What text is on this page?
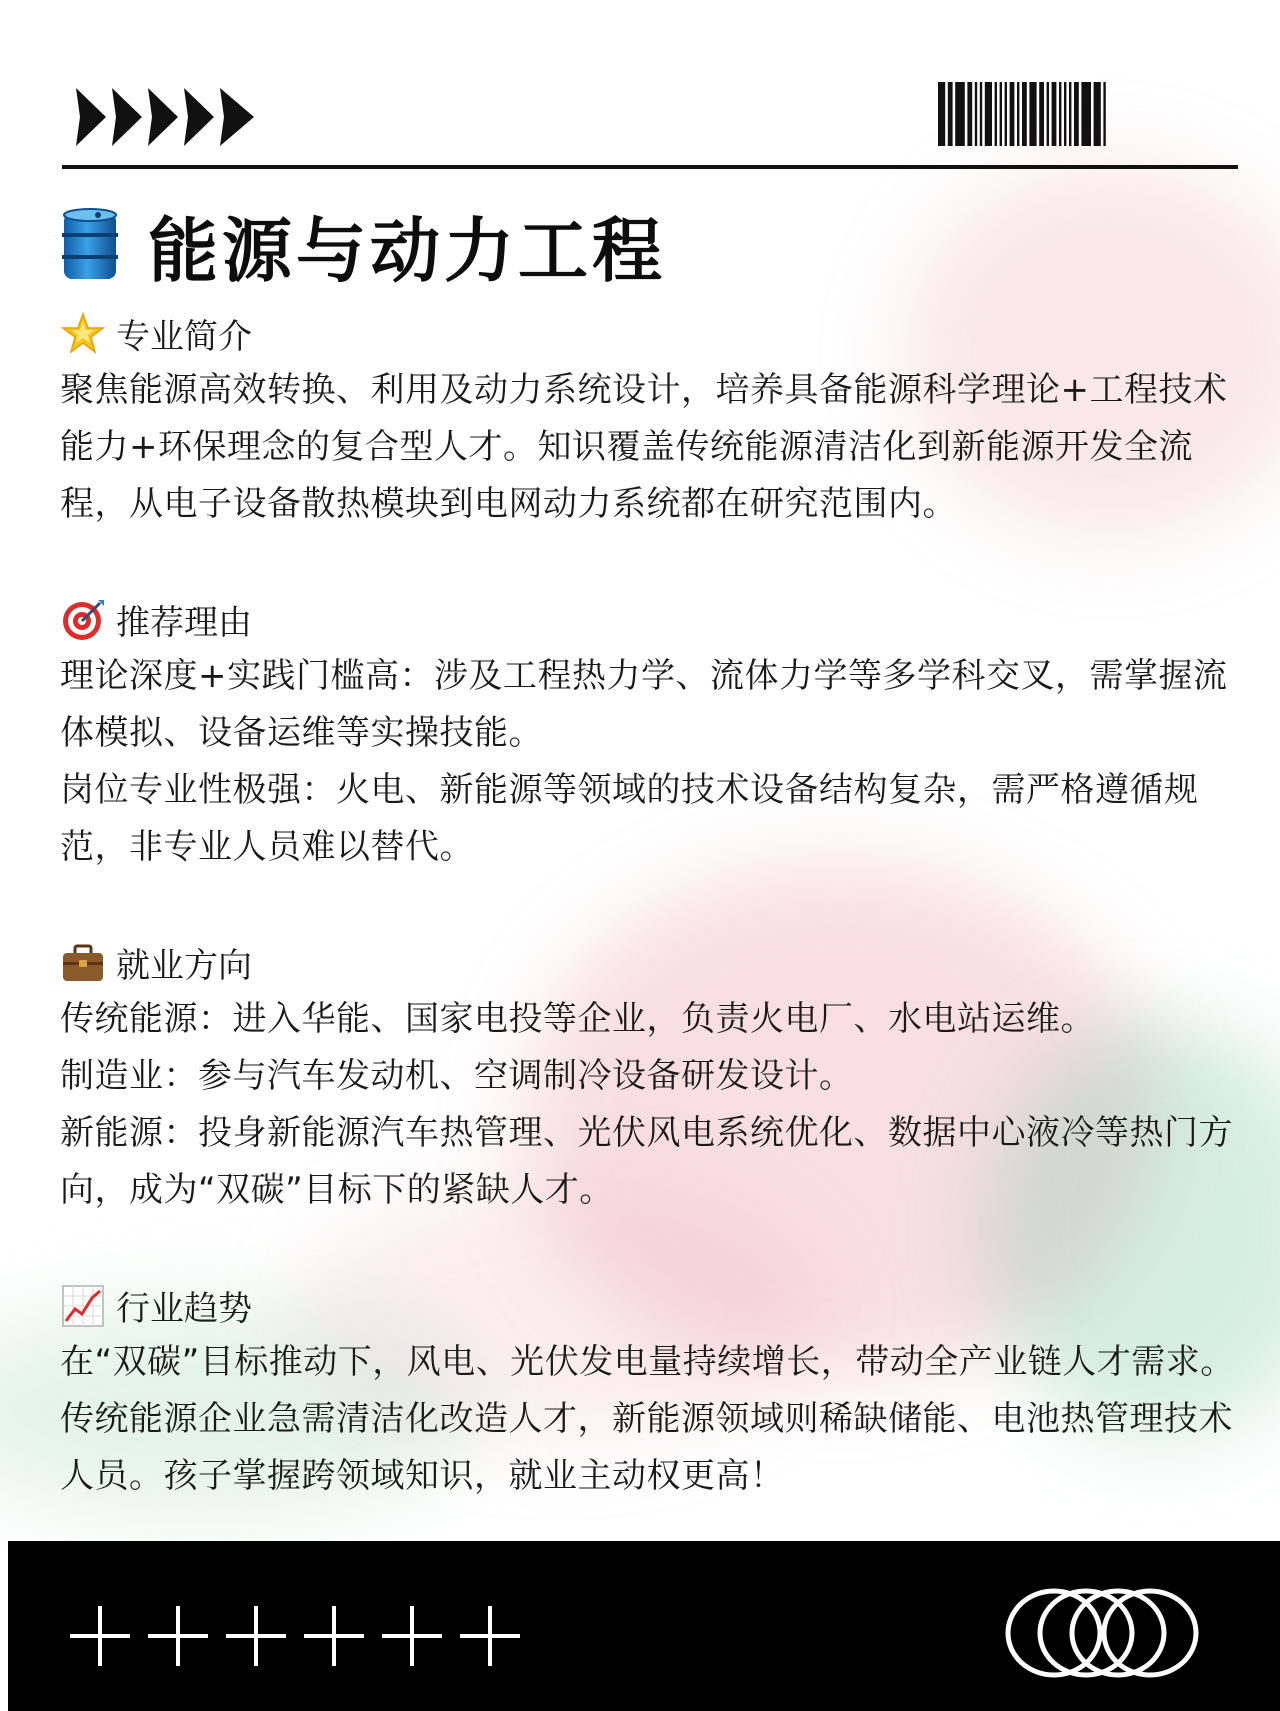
能源与动力工程
专业简介

聚焦能源高效转换、利用及动力系统设计，培养具备能源科学理论+工程技术能力+环保理念的复合型人才。知识覆盖传统能源清洁化到新能源开发全流程，从电子设备散热模块到电网动力系统都在研究范围内。

推荐理由

理论深度+实践门槛高：涉及工程热力学、流体力学等多学科交叉，需掌握流体模拟、设备运维等实操技能。

岗位专业性极强：火电、新能源等领域的技术设备结构复杂，需严格遵循规范，非专业人员难以替代。

就业方向

传统能源：进入华能、国家电投等企业，负责火电厂、水电站运维。

制造业：参与汽车发动机、空调制冷设备研发设计。

新能源：投身新能源汽车热管理、光伏风电系统优化、数据中心液冷等热门方向，成为“双碳”目标下的紧缺人才。

行业趋势

在“双碳”目标推动下，风电、光伏发电量持续增长，带动全产业链人才需求。传统能源企业急需清洁化改造人才，新能源领域则稀缺储能、电池热管理技术人员。孩子掌握跨领域知识，就业主动权更高！
